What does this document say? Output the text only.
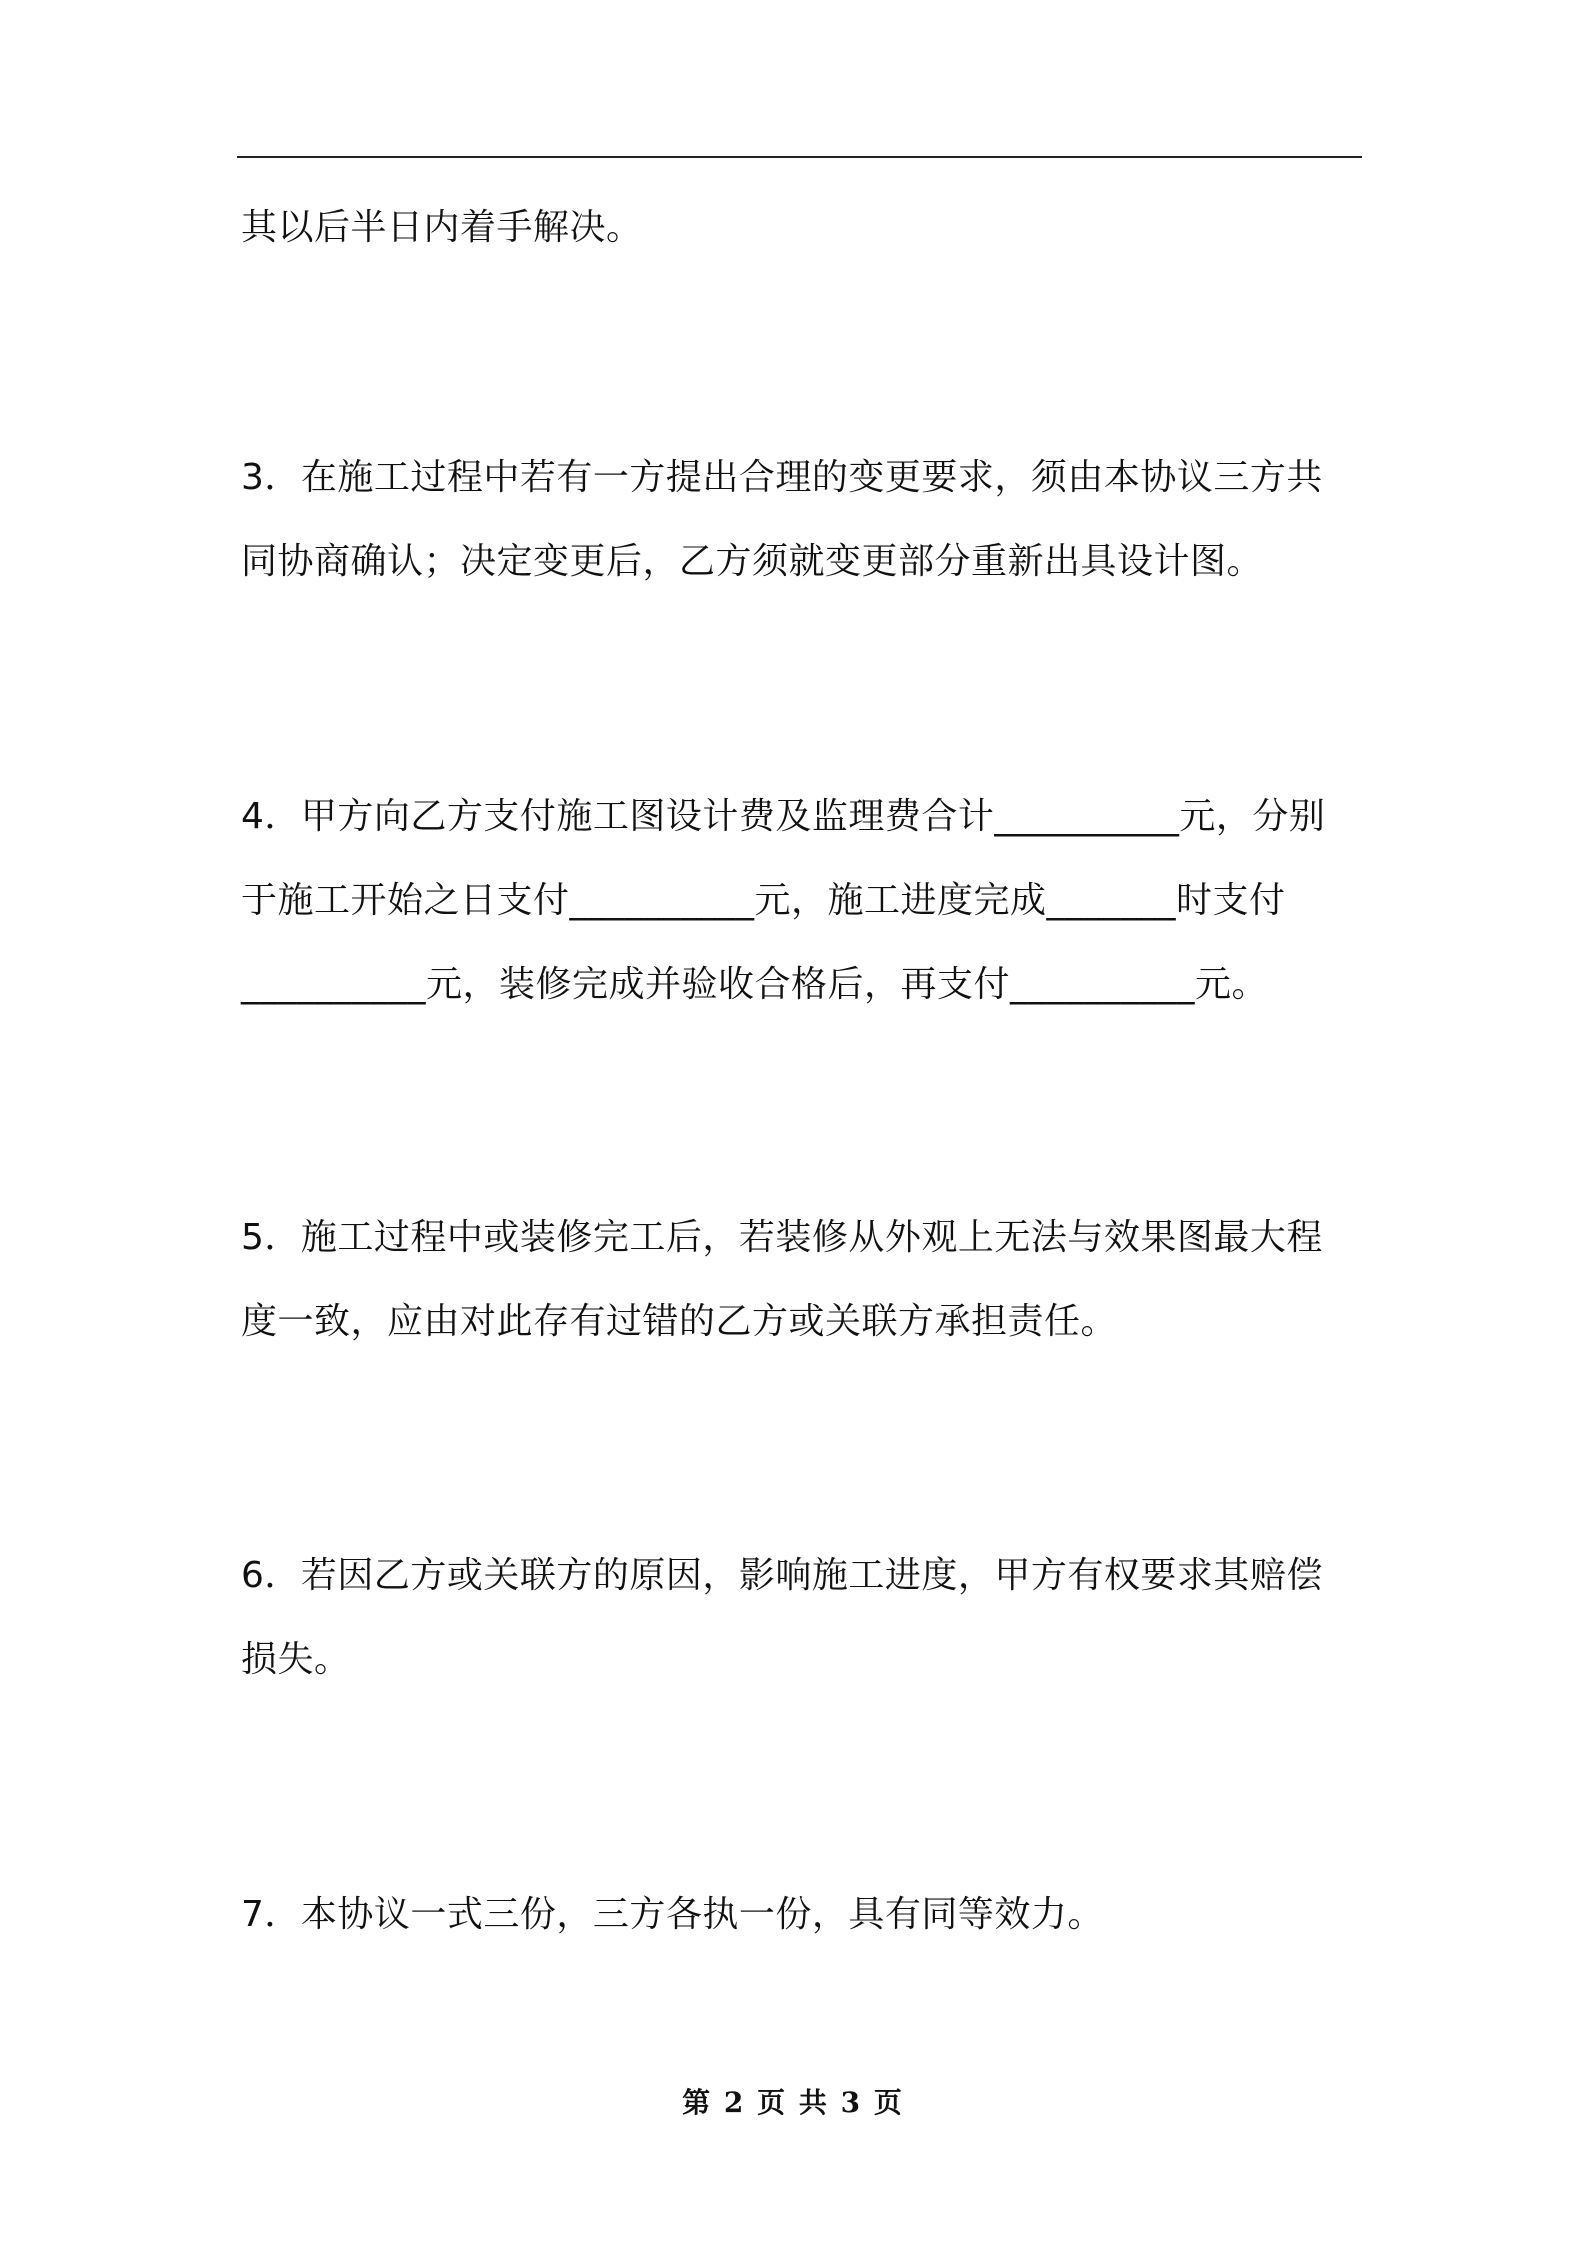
其以后半日内着手解决。

3．在施工过程中若有一方提出合理的变更要求，须由本协议三方共同协商确认；决定变更后，乙方须就变更部分重新出具设计图。

4．甲方向乙方支付施工图设计费及监理费合计__________元，分别于施工开始之日支付__________元，施工进度完成_______时支付__________元，装修完成并验收合格后，再支付__________元。

5．施工过程中或装修完工后，若装修从外观上无法与效果图最大程度一致，应由对此存有过错的乙方或关联方承担责任。

6．若因乙方或关联方的原因，影响施工进度，甲方有权要求其赔偿损失。

7．本协议一式三份，三方各执一份，具有同等效力。

第 2 页 共 3 页
